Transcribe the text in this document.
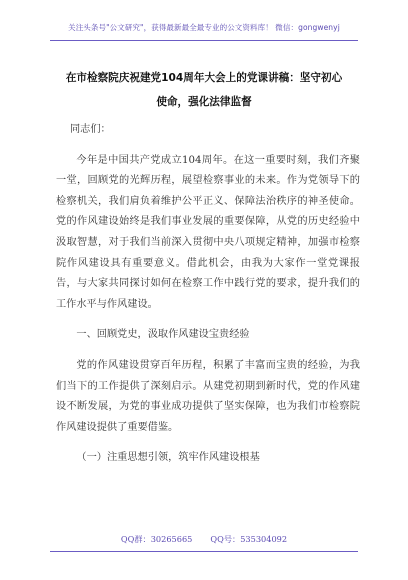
关注头条号"公文研究"，获得最新最全最专业的公文资料库！ 微信：gongwenyj
在市检察院庆祝建党104周年大会上的党课讲稿：坚守初心
使命，强化法律监督
同志们：

今年是中国共产党成立104周年。在这一重要时刻，我们齐聚一堂，回顾党的光辉历程，展望检察事业的未来。作为党领导下的检察机关，我们肩负着维护公平正义、保障法治秩序的神圣使命。党的作风建设始终是我们事业发展的重要保障，从党的历史经验中汲取智慧，对于我们当前深入贯彻中央八项规定精神，加强市检察院作风建设具有重要意义。借此机会，由我为大家作一堂党课报告，与大家共同探讨如何在检察工作中践行党的要求，提升我们的工作水平与作风建设。

一、回顾党史，汲取作风建设宝贵经验

党的作风建设贯穿百年历程，积累了丰富而宝贵的经验，为我们当下的工作提供了深刻启示。从建党初期到新时代，党的作风建设不断发展，为党的事业成功提供了坚实保障，也为我们市检察院作风建设提供了重要借鉴。

（一）注重思想引领，筑牢作风建设根基

QQ群：30265665 QQ号：535304092
